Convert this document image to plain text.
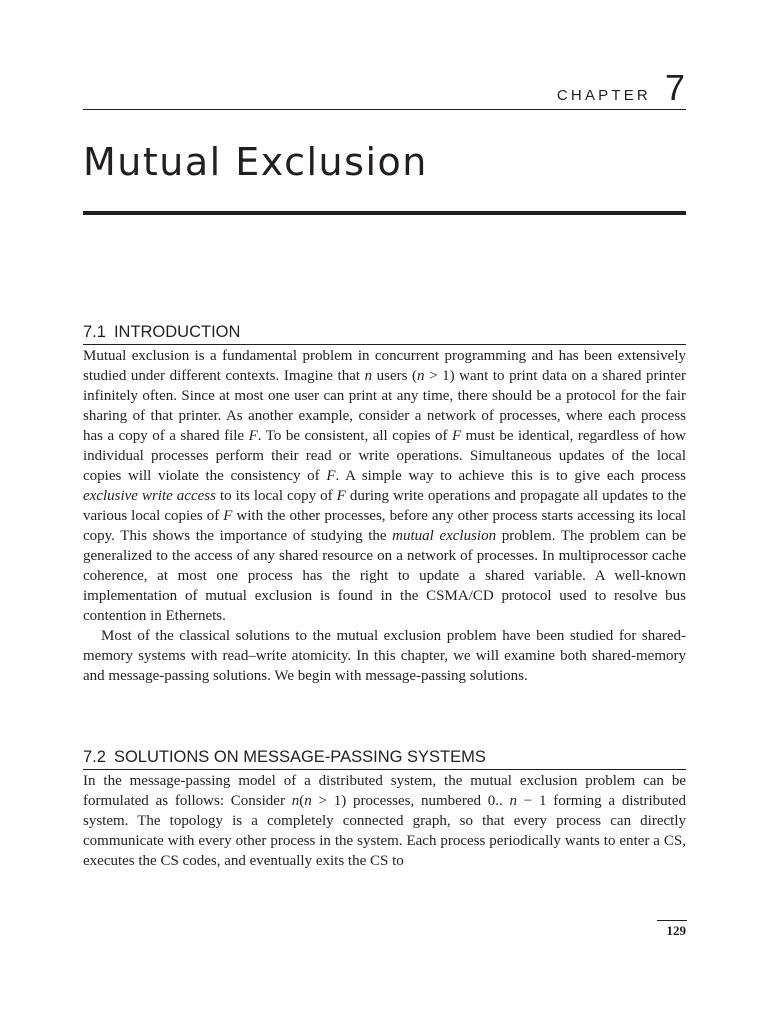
CHAPTER 7
Mutual Exclusion
7.1 INTRODUCTION

Mutual exclusion is a fundamental problem in concurrent programming and has been extensively studied under different contexts. Imagine that n users (n > 1) want to print data on a shared printer infinitely often. Since at most one user can print at any time, there should be a protocol for the fair sharing of that printer. As another example, consider a network of processes, where each process has a copy of a shared file F. To be consistent, all copies of F must be identical, regardless of how individual processes perform their read or write operations. Simultaneous updates of the local copies will violate the consistency of F. A simple way to achieve this is to give each process exclusive write access to its local copy of F during write operations and propagate all updates to the various local copies of F with the other processes, before any other process starts accessing its local copy. This shows the importance of studying the mutual exclusion problem. The problem can be generalized to the access of any shared resource on a network of processes. In multiprocessor cache coherence, at most one process has the right to update a shared variable. A well-known implementation of mutual exclusion is found in the CSMA/CD protocol used to resolve bus contention in Ethernets.

Most of the classical solutions to the mutual exclusion problem have been studied for shared-memory systems with read–write atomicity. In this chapter, we will examine both shared-memory and message-passing solutions. We begin with message-passing solutions.

7.2 SOLUTIONS ON MESSAGE-PASSING SYSTEMS

In the message-passing model of a distributed system, the mutual exclusion problem can be formulated as follows: Consider n(n > 1) processes, numbered 0.. n − 1 forming a distributed system. The topology is a completely connected graph, so that every process can directly communicate with every other process in the system. Each process periodically wants to enter a CS, executes the CS codes, and eventually exits the CS to

129
